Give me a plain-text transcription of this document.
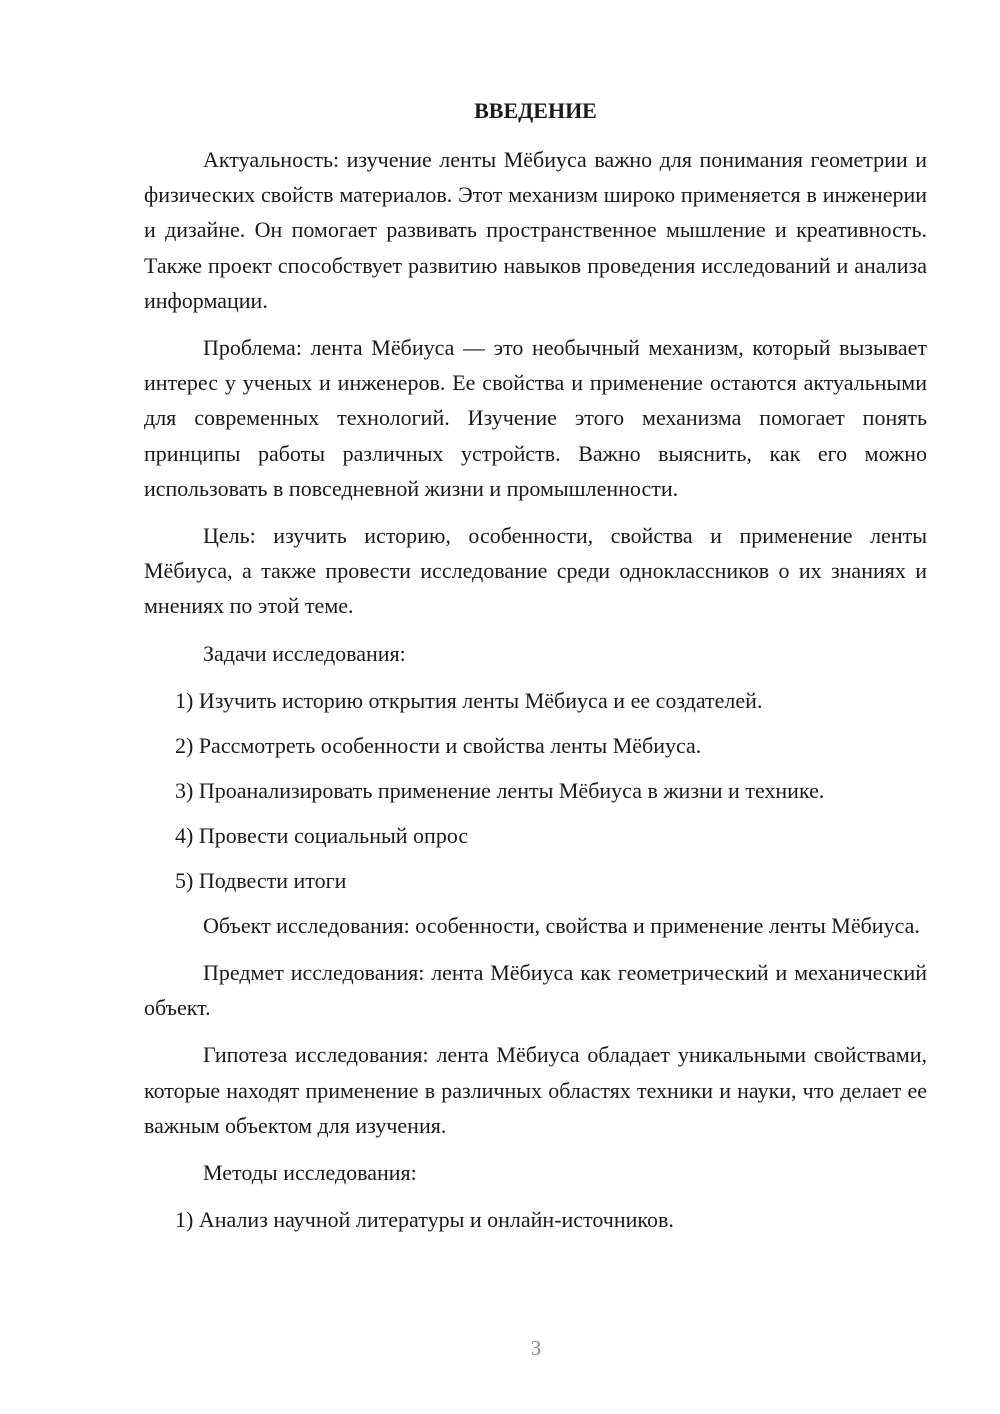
ВВЕДЕНИЕ

Актуальность: изучение ленты Мёбиуса важно для понимания геометрии и физических свойств материалов. Этот механизм широко применяется в инженерии и дизайне. Он помогает развивать пространственное мышление и креативность. Также проект способствует развитию навыков проведения исследований и анализа информации.

Проблема: лента Мёбиуса — это необычный механизм, который вызывает интерес у ученых и инженеров. Ее свойства и применение остаются актуальными для современных технологий. Изучение этого механизма помогает понять принципы работы различных устройств. Важно выяснить, как его можно использовать в повседневной жизни и промышленности.

Цель: изучить историю, особенности, свойства и применение ленты Мёбиуса, а также провести исследование среди одноклассников о их знаниях и мнениях по этой теме.

Задачи исследования:

1) Изучить историю открытия ленты Мёбиуса и ее создателей.
2) Рассмотреть особенности и свойства ленты Мёбиуса.
3) Проанализировать применение ленты Мёбиуса в жизни и технике.
4) Провести социальный опрос
5) Подвести итоги

Объект исследования: особенности, свойства и применение ленты Мёбиуса.

Предмет исследования: лента Мёбиуса как геометрический и механический объект.

Гипотеза исследования: лента Мёбиуса обладает уникальными свойствами, которые находят применение в различных областях техники и науки, что делает ее важным объектом для изучения.

Методы исследования:

1) Анализ научной литературы и онлайн-источников.
3
